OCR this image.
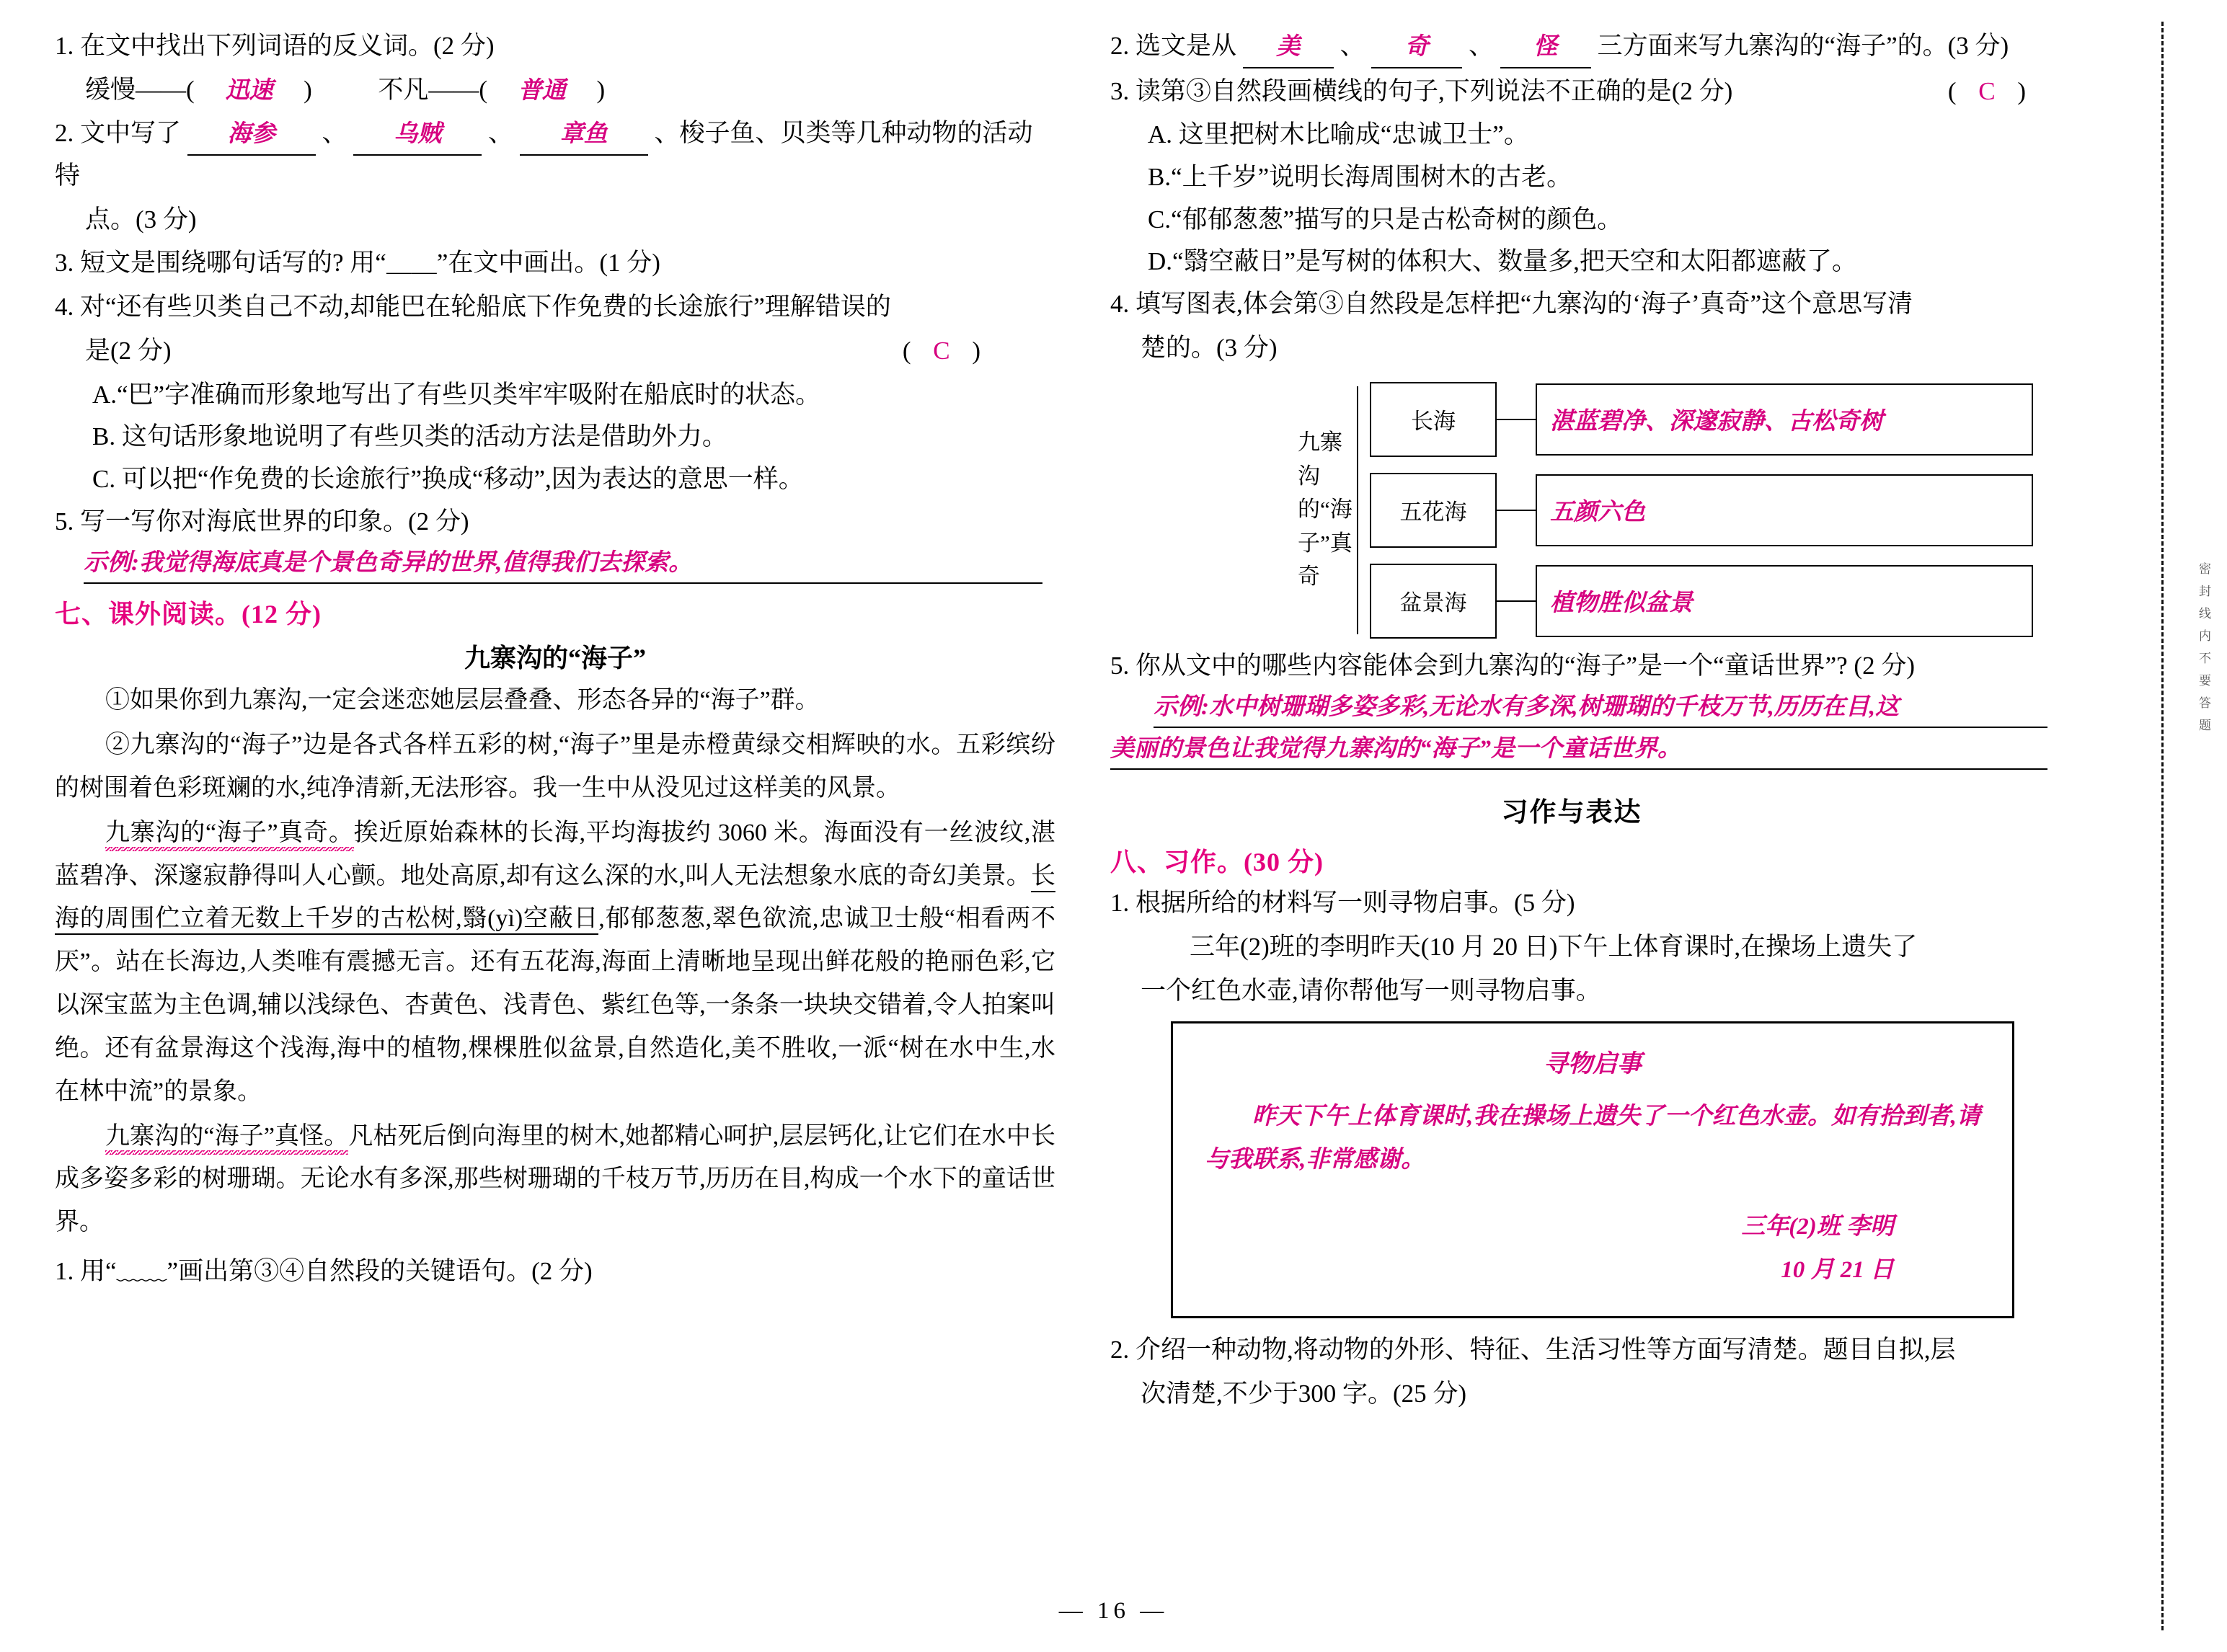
密封线内不要答题
1. 在文中找出下列词语的反义词。(2 分)
缓慢——( 迅速 )	不凡——( 普通 )
2. 文中写了 海参 、 乌贼 、 章鱼 、梭子鱼、贝类等几种动物的活动特
点。(3 分)
3. 短文是围绕哪句话写的? 用“＿＿”在文中画出。(1 分)
4. 对“还有些贝类自己不动,却能巴在轮船底下作免费的长途旅行”理解错误的
是(2 分)	( C )
A.“巴”字准确而形象地写出了有些贝类牢牢吸附在船底时的状态。
B. 这句话形象地说明了有些贝类的活动方法是借助外力。
C. 可以把“作免费的长途旅行”换成“移动”,因为表达的意思一样。
5. 写一写你对海底世界的印象。(2 分)
示例:我觉得海底真是个景色奇异的世界,值得我们去探索。
七、课外阅读。(12 分)
九寨沟的“海子”
①如果你到九寨沟,一定会迷恋她层层叠叠、形态各异的“海子”群。
②九寨沟的“海子”边是各式各样五彩的树,“海子”里是赤橙黄绿交相辉映的水。五彩缤纷的树围着色彩斑斓的水,纯净清新,无法形容。我一生中从没见过这样美的风景。
九寨沟的“海子”真奇。挨近原始森林的长海,平均海拔约 3060 米。海面没有一丝波纹,湛蓝碧净、深邃寂静得叫人心颤。地处高原,却有这么深的水,叫人无法想象水底的奇幻美景。长海的周围伫立着无数上千岁的古松树,翳(yì)空蔽日,郁郁葱葱,翠色欲流,忠诚卫士般“相看两不厌”。站在长海边,人类唯有震撼无言。还有五花海,海面上清晰地呈现出鲜花般的艳丽色彩,它以深宝蓝为主色调,辅以浅绿色、杏黄色、浅青色、紫红色等,一条条一块块交错着,令人拍案叫绝。还有盆景海这个浅海,海中的植物,棵棵胜似盆景,自然造化,美不胜收,一派“树在水中生,水在林中流”的景象。
九寨沟的“海子”真怪。凡枯死后倒向海里的树木,她都精心呵护,层层钙化,让它们在水中长成多姿多彩的树珊瑚。无论水有多深,那些树珊瑚的千枝万节,历历在目,构成一个水下的童话世界。
1. 用“﹏﹏”画出第③④自然段的关键语句。(2 分)
2. 选文是从 美 、 奇 、 怪 三方面来写九寨沟的“海子”的。(3 分)
3. 读第③自然段画横线的句子,下列说法不正确的是(2 分)	( C )
A. 这里把树木比喻成“忠诚卫士”。
B.“上千岁”说明长海周围树木的古老。
C.“郁郁葱葱”描写的只是古松奇树的颜色。
D.“翳空蔽日”是写树的体积大、数量多,把天空和太阳都遮蔽了。
4. 填写图表,体会第③自然段是怎样把“九寨沟的‘海子’真奇”这个意思写清
楚的。(3 分)
九寨沟的“海子”真奇
长海	湛蓝碧净、深邃寂静、古松奇树
五花海	五颜六色
盆景海	植物胜似盆景
5. 你从文中的哪些内容能体会到九寨沟的“海子”是一个“童话世界”? (2 分)
示例:水中树珊瑚多姿多彩,无论水有多深,树珊瑚的千枝万节,历历在目,这
美丽的景色让我觉得九寨沟的“海子”是一个童话世界。
习作与表达
八、习作。(30 分)
1. 根据所给的材料写一则寻物启事。(5 分)
三年(2)班的李明昨天(10 月 20 日)下午上体育课时,在操场上遗失了
一个红色水壶,请你帮他写一则寻物启事。
寻物启事
昨天下午上体育课时,我在操场上遗失了一个红色水壶。如有拾到者,请与我联系,非常感谢。
三年(2)班 李明
10 月 21 日
2. 介绍一种动物,将动物的外形、特征、生活习性等方面写清楚。题目自拟,层
次清楚,不少于300 字。(25 分)
— 16 —
